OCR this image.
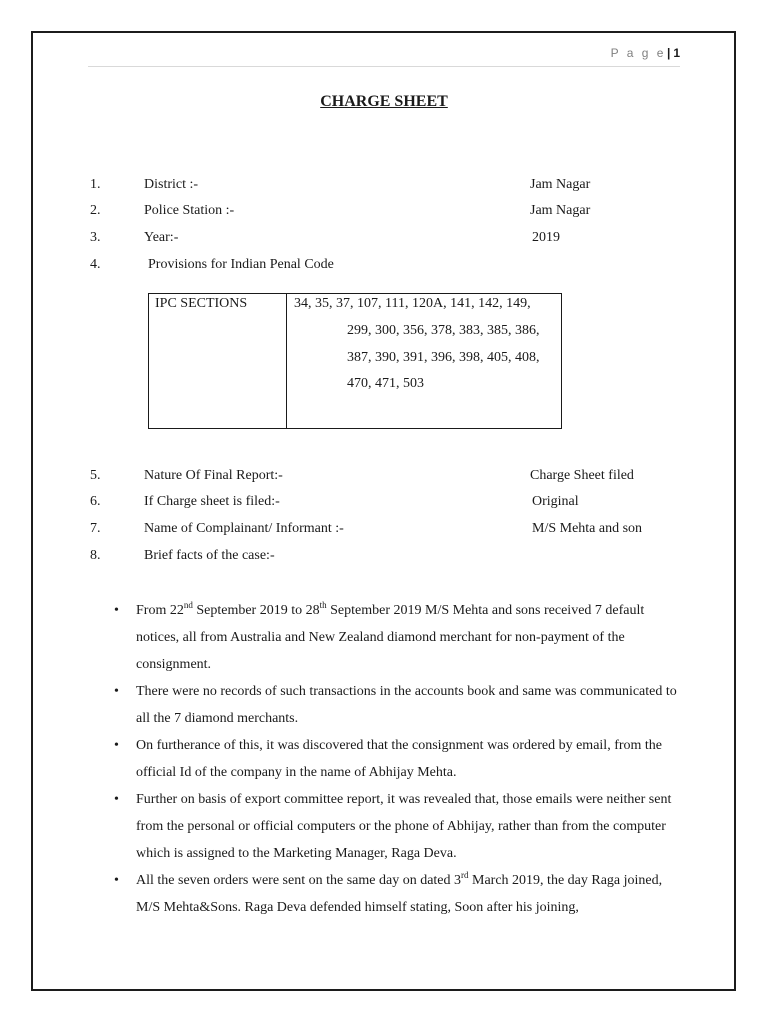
P a g e| 1
CHARGE SHEET
1.	District :-	Jam Nagar
2.	Police Station :-	Jam Nagar
3.	Year:-	2019
4.	Provisions for Indian Penal Code
IPC SECTIONS	34, 35, 37, 107, 111, 120A, 141, 142, 149,
299, 300, 356, 378, 383, 385, 386,
387, 390, 391, 396, 398, 405, 408,
470, 471, 503
5.	Nature Of Final Report:-	Charge Sheet filed
6.	If Charge sheet is filed:-	Original
7.	Name of Complainant/ Informant :-	M/S Mehta and son
8.	Brief facts of the case:-
• From 22nd September 2019 to 28th September 2019 M/S Mehta and sons received 7 default notices, all from Australia and New Zealand diamond merchant for non-payment of the consignment.
• There were no records of such transactions in the accounts book and same was communicated to all the 7 diamond merchants.
• On furtherance of this, it was discovered that the consignment was ordered by email, from the official Id of the company in the name of Abhijay Mehta.
• Further on basis of export committee report, it was revealed that, those emails were neither sent from the personal or official computers or the phone of Abhijay, rather than from the computer which is assigned to the Marketing Manager, Raga Deva.
• All the seven orders were sent on the same day on dated 3rd March 2019, the day Raga joined, M/S Mehta&Sons. Raga Deva defended himself stating, Soon after his joining,
